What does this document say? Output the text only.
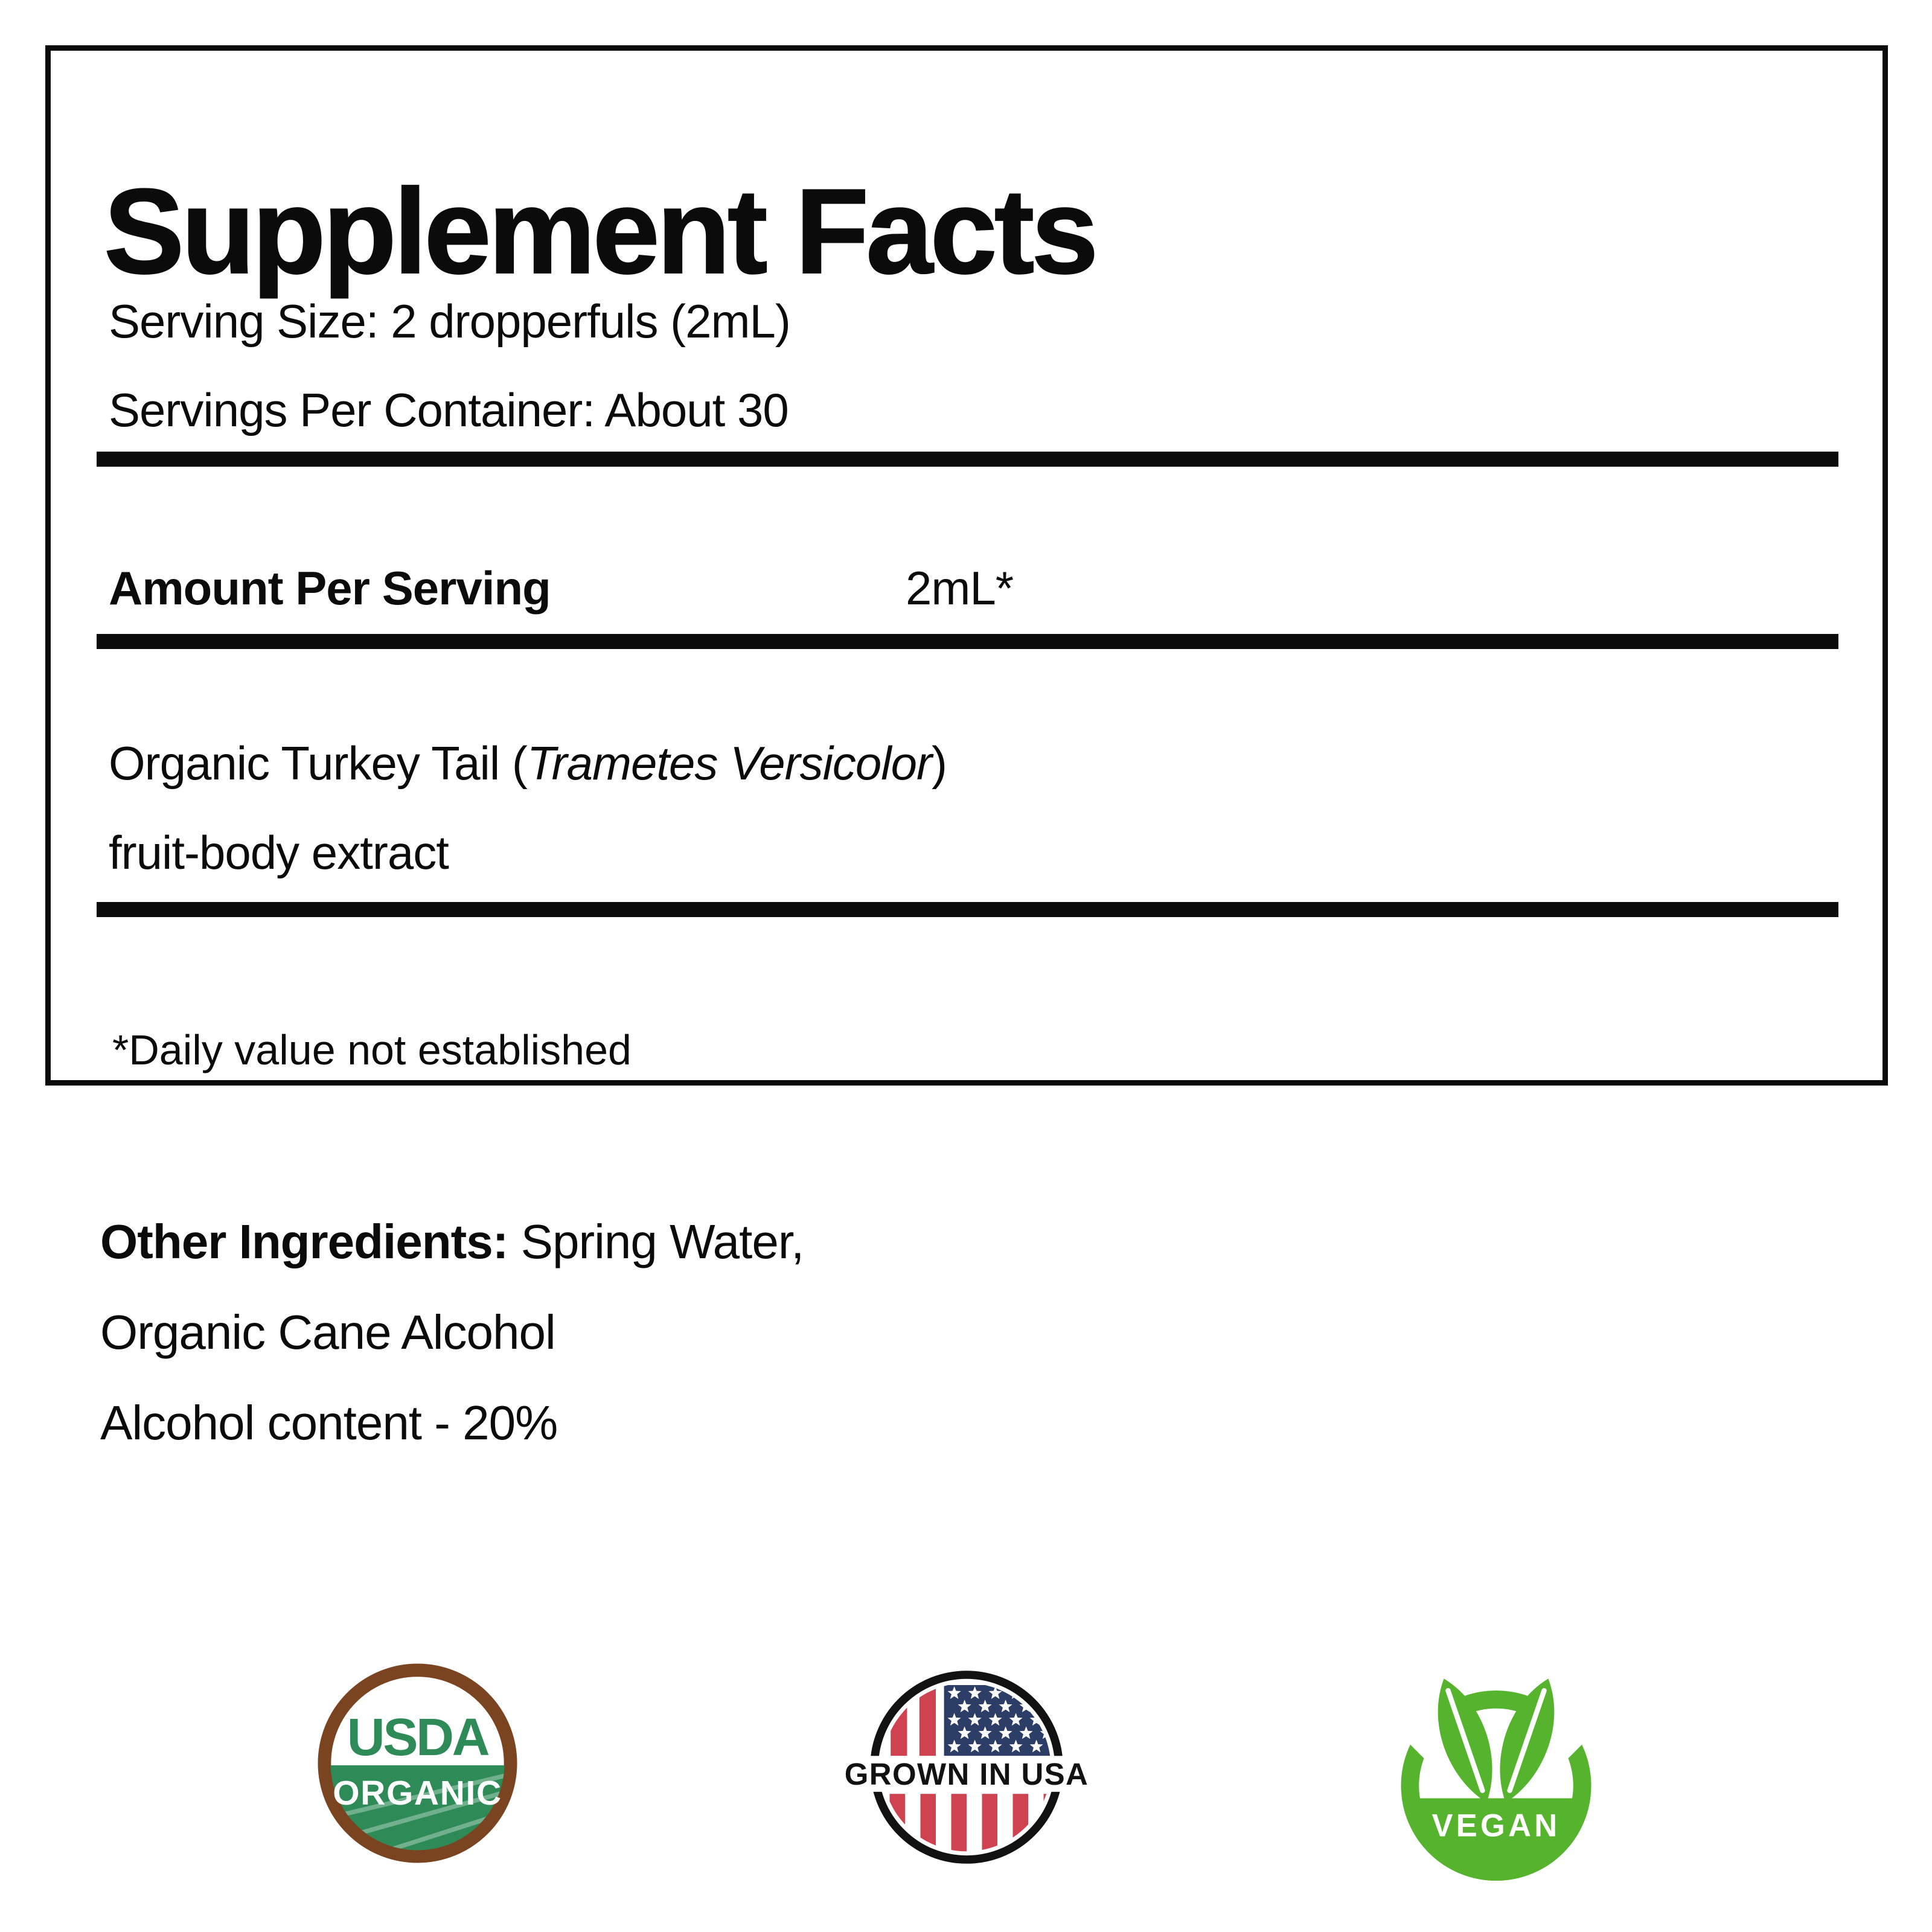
Supplement Facts

Serving Size: 2 dropperfuls (2mL)

Servings Per Container: About 30

Amount Per Serving	2mL*

Organic Turkey Tail (Trametes Versicolor)

fruit-body extract

*Daily value not established

Other Ingredients: Spring Water,

Organic Cane Alcohol

Alcohol content - 20%

USDA
ORGANIC	GROWN IN USA
VEGAN
